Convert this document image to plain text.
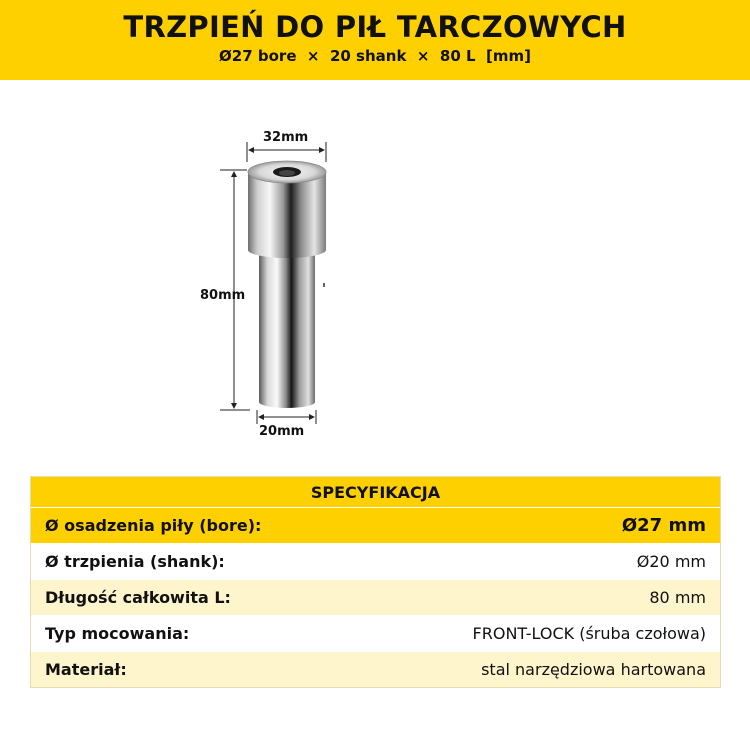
TRZPIEŃ DO PIŁ TARCZOWYCH
Ø27 bore  ×  20 shank  ×  80 L  [mm]
32mm
80mm
20mm
SPECYFIKACJA
Ø osadzenia piły (bore):	Ø27 mm
Ø trzpienia (shank):	Ø20 mm
Długość całkowita L:	80 mm
Typ mocowania:	FRONT-LOCK (śruba czołowa)
Materiał:	stal narzędziowa hartowana
